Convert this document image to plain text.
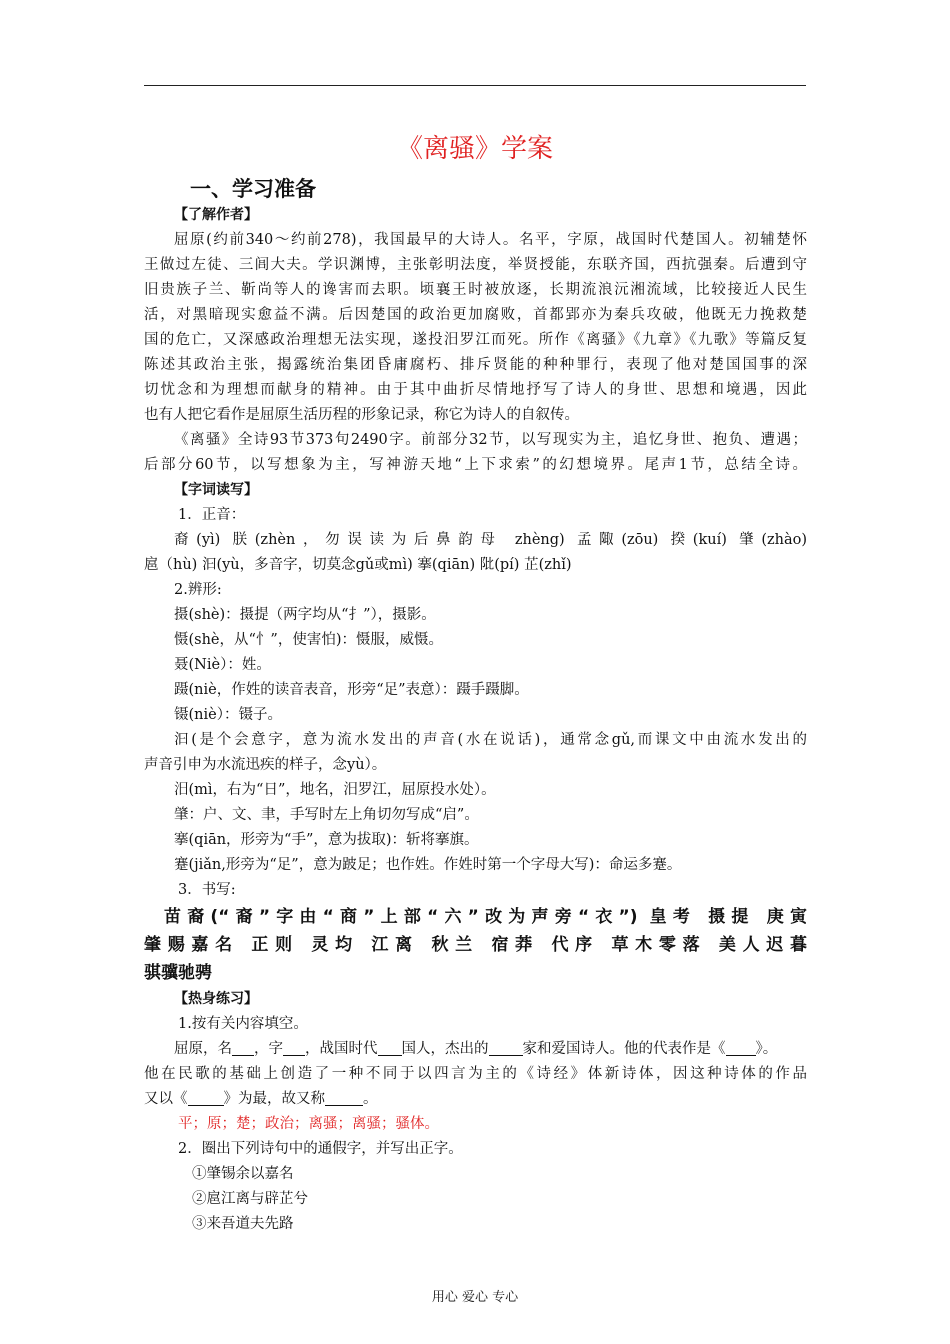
《离骚》学案
一、学习准备
【了解作者】
屈原(约前340～约前278)，我国最早的大诗人。名平，字原，战国时代楚国人。初辅楚怀
王做过左徒、三闾大夫。学识渊博，主张彰明法度，举贤授能，东联齐国，西抗强秦。后遭到守
旧贵族子兰、靳尚等人的谗害而去职。顷襄王时被放逐，长期流浪沅湘流域，比较接近人民生
活，对黑暗现实愈益不满。后因楚国的政治更加腐败，首都郢亦为秦兵攻破，他既无力挽救楚
国的危亡，又深感政治理想无法实现，遂投汨罗江而死。所作《离骚》《九章》《九歌》等篇反复
陈述其政治主张，揭露统治集团昏庸腐朽、排斥贤能的种种罪行，表现了他对楚国国事的深
切忧念和为理想而献身的精神。由于其中曲折尽情地抒写了诗人的身世、思想和境遇，因此
也有人把它看作是屈原生活历程的形象记录，称它为诗人的自叙传。
《离骚》全诗93节373句2490字。前部分32节，以写现实为主，追忆身世、抱负、遭遇；
后部分60节，以写想象为主，写神游天地“上下求索”的幻想境界。尾声1节，总结全诗。
【字词读写】
1．正音：
裔(yì) 朕(zhèn，勿误读为后鼻韵母 zhèng) 孟陬(zōu) 揆(kuí) 肇(zhào)
扈（hù) 汩(yù，多音字，切莫念gǔ或mì) 搴(qiān) 阰(pí) 芷(zhǐ)
2.辨形:
摄(shè)：摄提（两字均从“扌”），摄影。
慑(shè，从“忄”，使害怕)：慑服，威慑。
聂(Niè）：姓。
蹑(niè，作姓的读音表音，形旁“足”表意）：蹑手蹑脚。
镊(niè）：镊子。
汩(是个会意字，意为流水发出的声音(水在说话)，通常念gǔ,而课文中由流水发出的
声音引申为水流迅疾的样子，念yù）。
汨(mì，右为“日”，地名，汨罗江，屈原投水处）。
肇：户、文、聿，手写时左上角切勿写成“启”。
搴(qiān，形旁为“手”，意为拔取)：斩将搴旗。
蹇(jiǎn,形旁为“足”，意为跛足；也作姓。作姓时第一个字母大写)：命运多蹇。
3．书写:
苗裔(“裔”字由“商”上部“六”改为声旁“衣”) 皇考 摄提 庚寅
肇赐嘉名 正则 灵均 江离 秋兰 宿莽 代序 草木零落 美人迟暮
骐骥驰骋
【热身练习】
1.按有关内容填空。
屈原，名 ，字 ，战国时代 国人，杰出的 家和爱国诗人。他的代表作是《 》。
他在民歌的基础上创造了一种不同于以四言为主的《诗经》体新诗体，因这种诗体的作品
又以《 》为最，故又称	。
平；原；楚；政治；离骚；离骚；骚体。
2．圈出下列诗句中的通假字，并写出正字。
①肇锡余以嘉名
②扈江离与辟芷兮
③来吾道夫先路
用心 爱心 专心
